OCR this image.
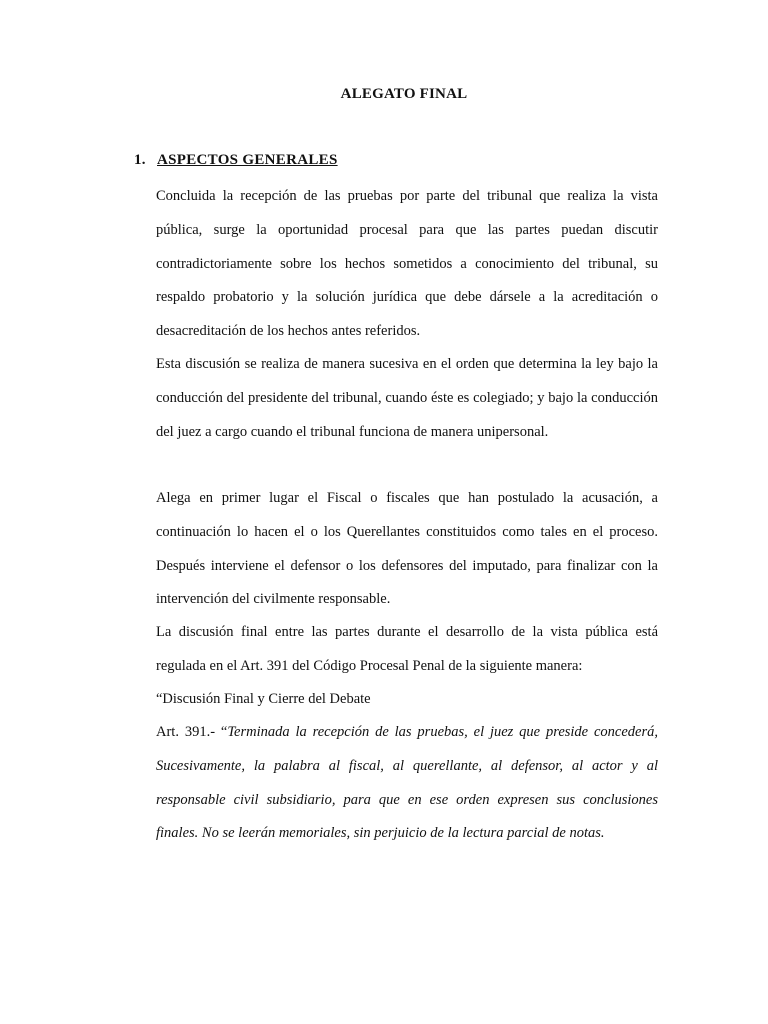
ALEGATO FINAL
1. ASPECTOS GENERALES

Concluida la recepción de las pruebas por parte del tribunal que realiza la vista pública, surge la oportunidad procesal para que las partes puedan discutir contradictoriamente sobre los hechos sometidos a conocimiento del tribunal, su respaldo probatorio y la solución jurídica que debe dársele a la acreditación o desacreditación de los hechos antes referidos.

Esta discusión se realiza de manera sucesiva en el orden que determina la ley bajo la conducción del presidente del tribunal, cuando éste es colegiado; y bajo la conducción del juez a cargo cuando el tribunal funciona de manera unipersonal.

Alega en primer lugar el Fiscal o fiscales que han postulado la acusación, a continuación lo hacen el o los Querellantes constituidos como tales en el proceso. Después interviene el defensor o los defensores del imputado, para finalizar con la intervención del civilmente responsable.

La discusión final entre las partes durante el desarrollo de la vista pública está regulada en el Art. 391 del Código Procesal Penal de la siguiente manera:

“Discusión Final y Cierre del Debate

Art. 391.- “Terminada la recepción de las pruebas, el juez que preside concederá, Sucesivamente, la palabra al fiscal, al querellante, al defensor, al actor y al responsable civil subsidiario, para que en ese orden expresen sus conclusiones finales. No se leerán memoriales, sin perjuicio de la lectura parcial de notas.
